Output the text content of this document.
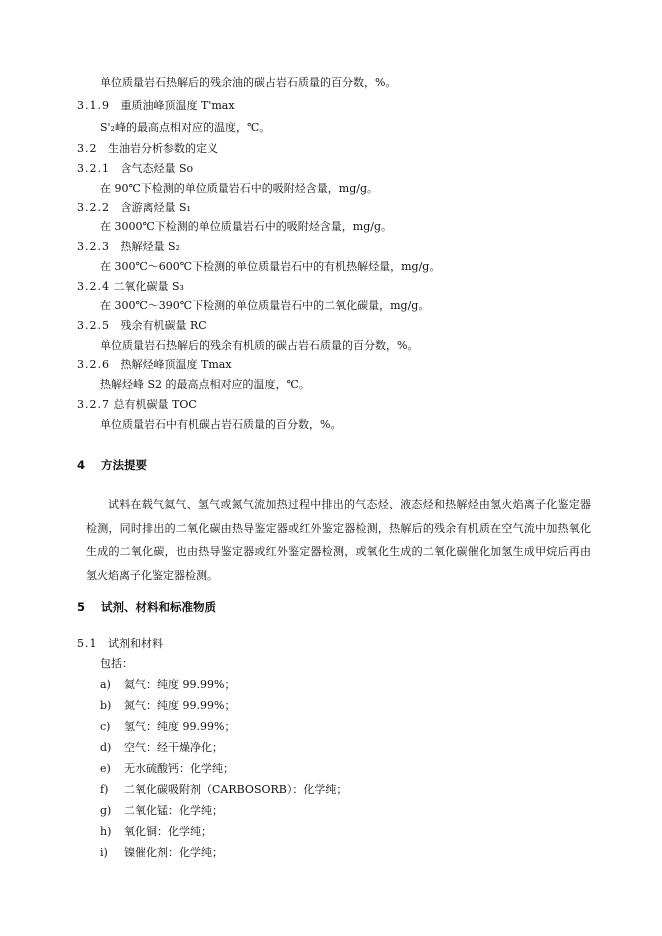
单位质量岩石热解后的残余油的碳占岩石质量的百分数，%。
3.1.9 重质油峰顶温度 T'max
S'₂峰的最高点相对应的温度，℃。
3.2 生油岩分析参数的定义
3.2.1 含气态烃量 So
在 90℃下检测的单位质量岩石中的吸附烃含量，mg/g。
3.2.2 含游离烃量 S₁
在 3000℃下检测的单位质量岩石中的吸附烃含量，mg/g。
3.2.3 热解烃量 S₂
在 300℃～600℃下检测的单位质量岩石中的有机热解烃量，mg/g。
3.2.4 二氧化碳量 S₃
在 300℃～390℃下检测的单位质量岩石中的二氧化碳量，mg/g。
3.2.5 残余有机碳量 RC
单位质量岩石热解后的残余有机质的碳占岩石质量的百分数，%。
3.2.6 热解烃峰顶温度 Tmax
热解烃峰 S2 的最高点相对应的温度，℃。
3.2.7 总有机碳量 TOC
单位质量岩石中有机碳占岩石质量的百分数，%。
4 方法提要
试料在载气氦气、氢气或氮气流加热过程中排出的气态烃、液态烃和热解烃由氢火焰离子化鉴定器检测，同时排出的二氧化碳由热导鉴定器或红外鉴定器检测，热解后的残余有机质在空气流中加热氧化生成的二氧化碳，也由热导鉴定器或红外鉴定器检测，或氧化生成的二氧化碳催化加氢生成甲烷后再由氢火焰离子化鉴定器检测。
5 试剂、材料和标准物质
5.1 试剂和材料
包括：
a) 氦气：纯度 99.99%；
b) 氮气：纯度 99.99%；
c) 氢气：纯度 99.99%；
d) 空气：经干燥净化；
e) 无水硫酸钙：化学纯；
f) 二氧化碳吸附剂（CARBOSORB）：化学纯；
g) 二氧化锰：化学纯；
h) 氧化铜：化学纯；
i) 镍催化剂：化学纯；
